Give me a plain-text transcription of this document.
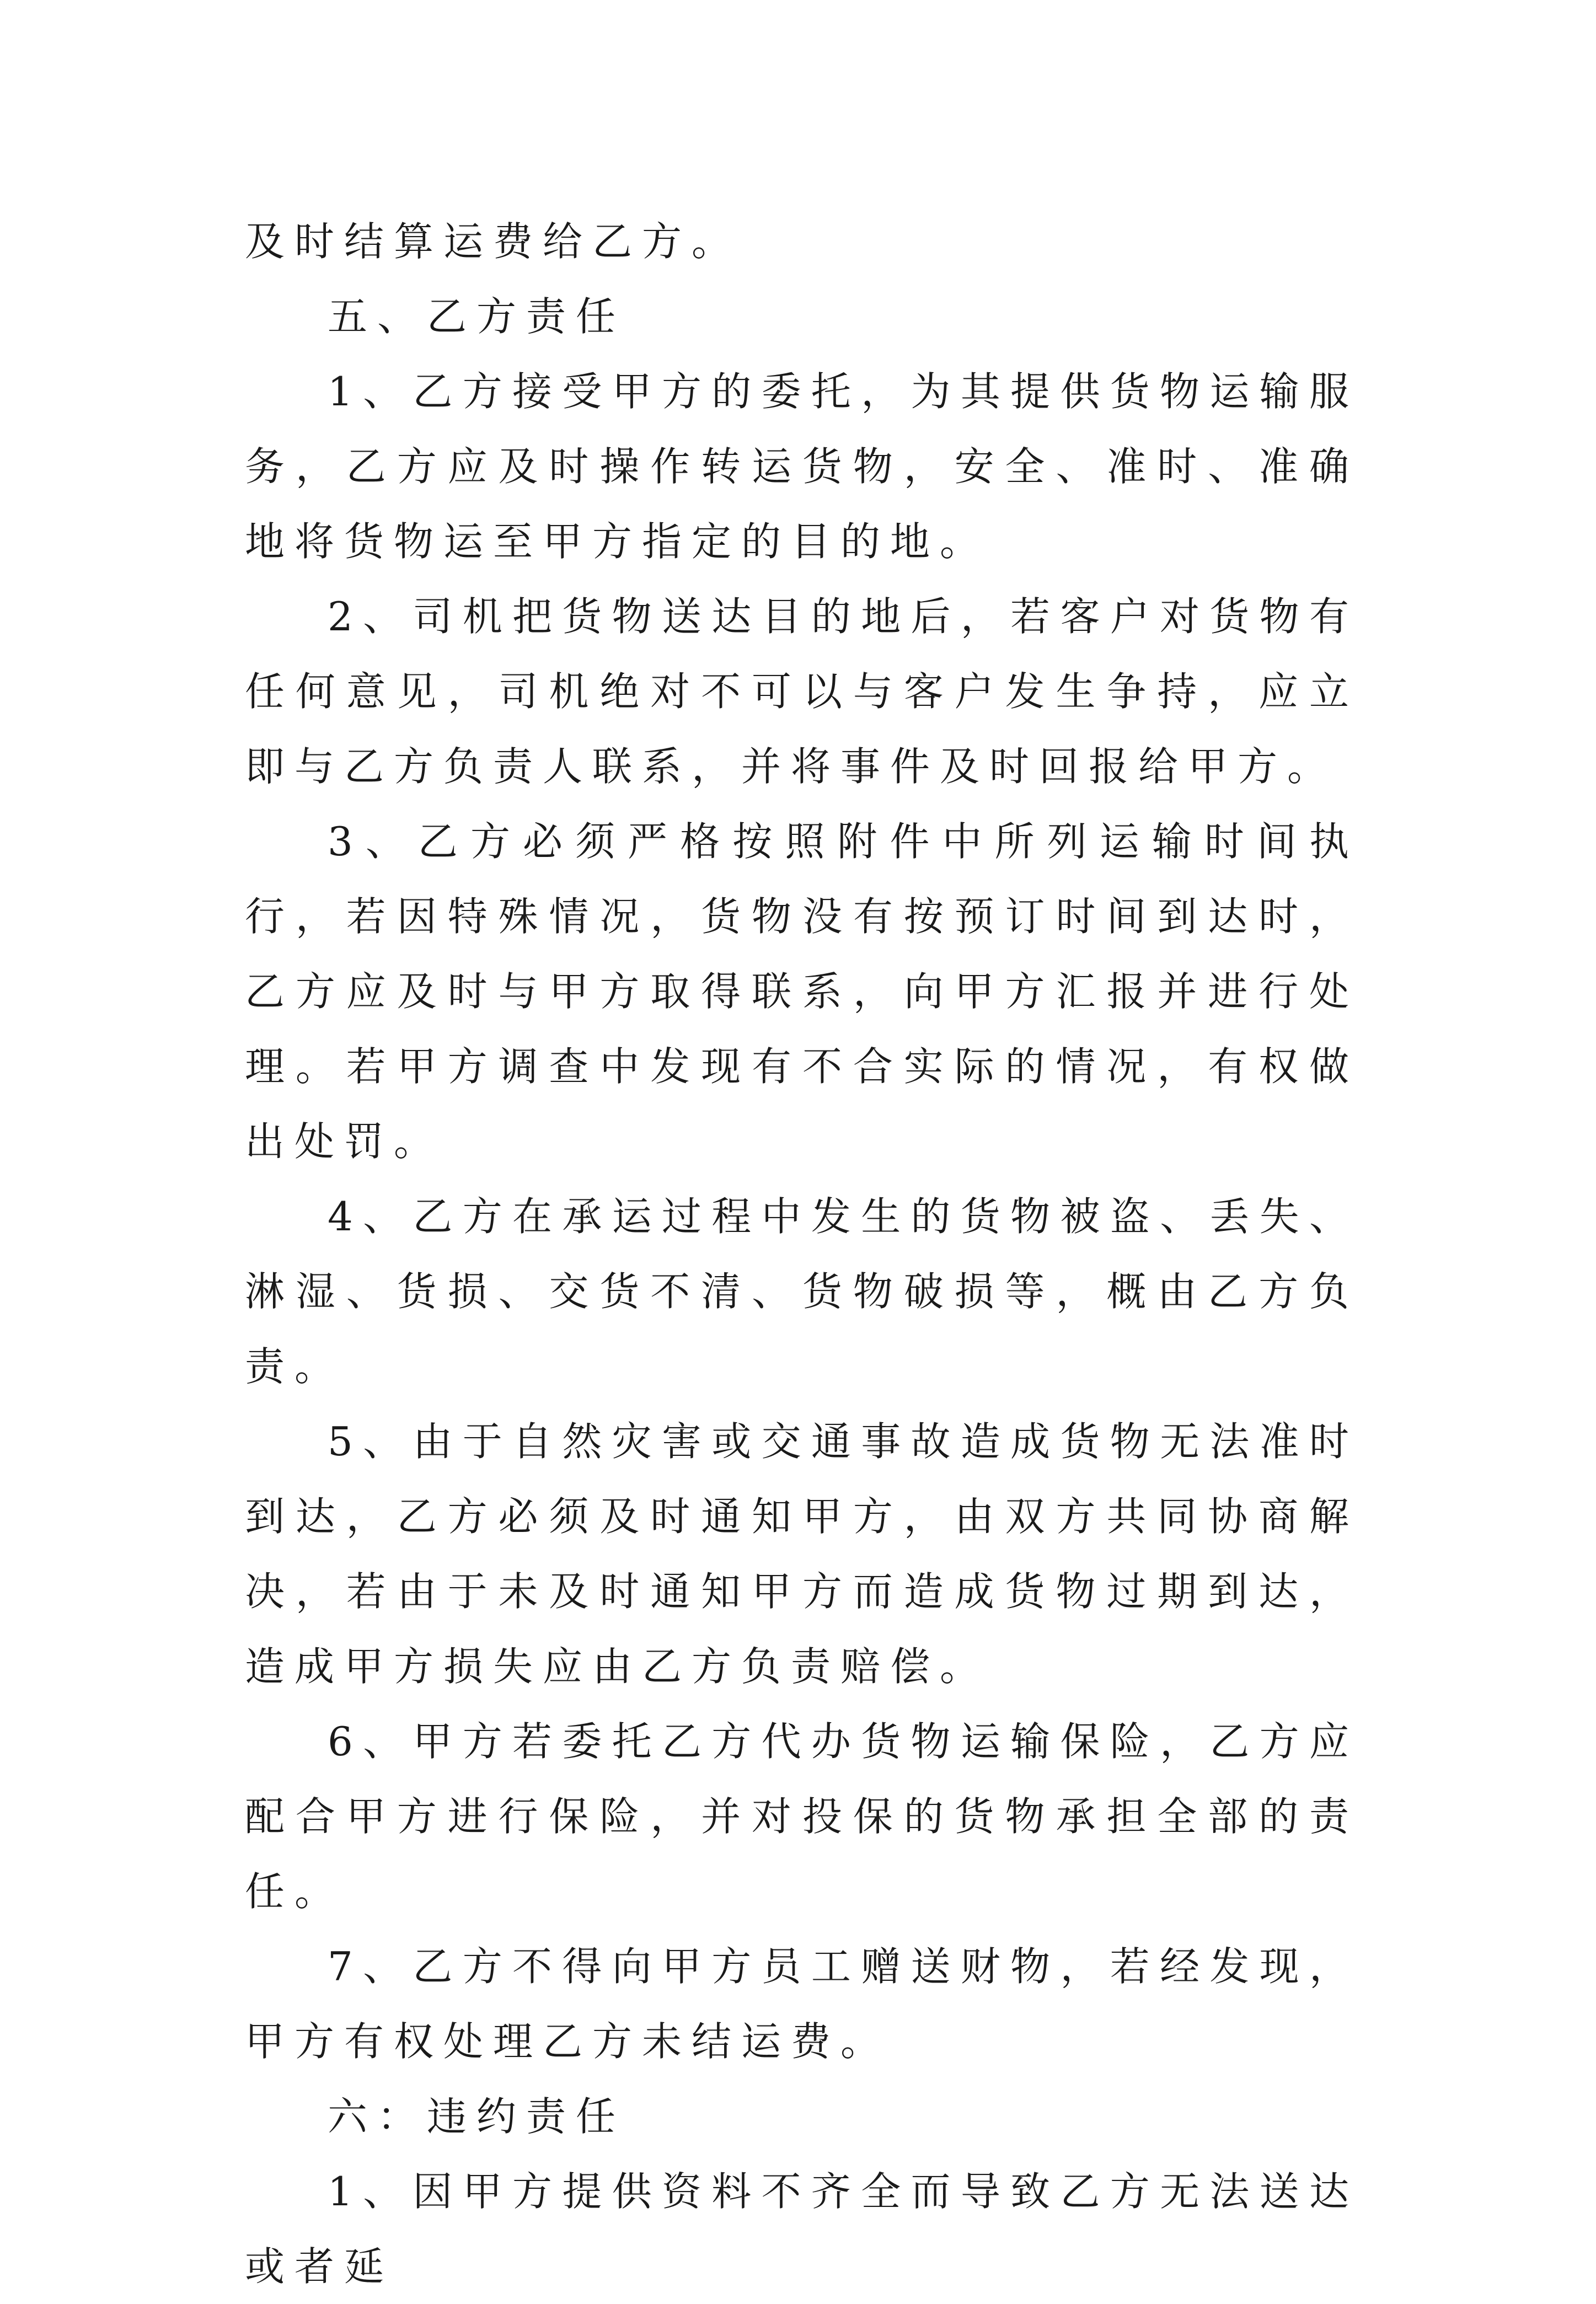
及时结算运费给乙方。

五、乙方责任

1、乙方接受甲方的委托，为其提供货物运输服务，乙方应及时操作转运货物，安全、准时、准确地将货物运至甲方指定的目的地。

2、司机把货物送达目的地后，若客户对货物有任何意见，司机绝对不可以与客户发生争持，应立即与乙方负责人联系，并将事件及时回报给甲方。

3、乙方必须严格按照附件中所列运输时间执行，若因特殊情况，货物没有按预订时间到达时，乙方应及时与甲方取得联系，向甲方汇报并进行处理。若甲方调查中发现有不合实际的情况，有权做出处罚。

4、乙方在承运过程中发生的货物被盗、丢失、淋湿、货损、交货不清、货物破损等，概由乙方负责。

5、由于自然灾害或交通事故造成货物无法准时到达，乙方必须及时通知甲方，由双方共同协商解决，若由于未及时通知甲方而造成货物过期到达，造成甲方损失应由乙方负责赔偿。

6、甲方若委托乙方代办货物运输保险，乙方应配合甲方进行保险，并对投保的货物承担全部的责任。

7、乙方不得向甲方员工赠送财物，若经发现，甲方有权处理乙方未结运费。

六：违约责任

1、因甲方提供资料不齐全而导致乙方无法送达或者延
